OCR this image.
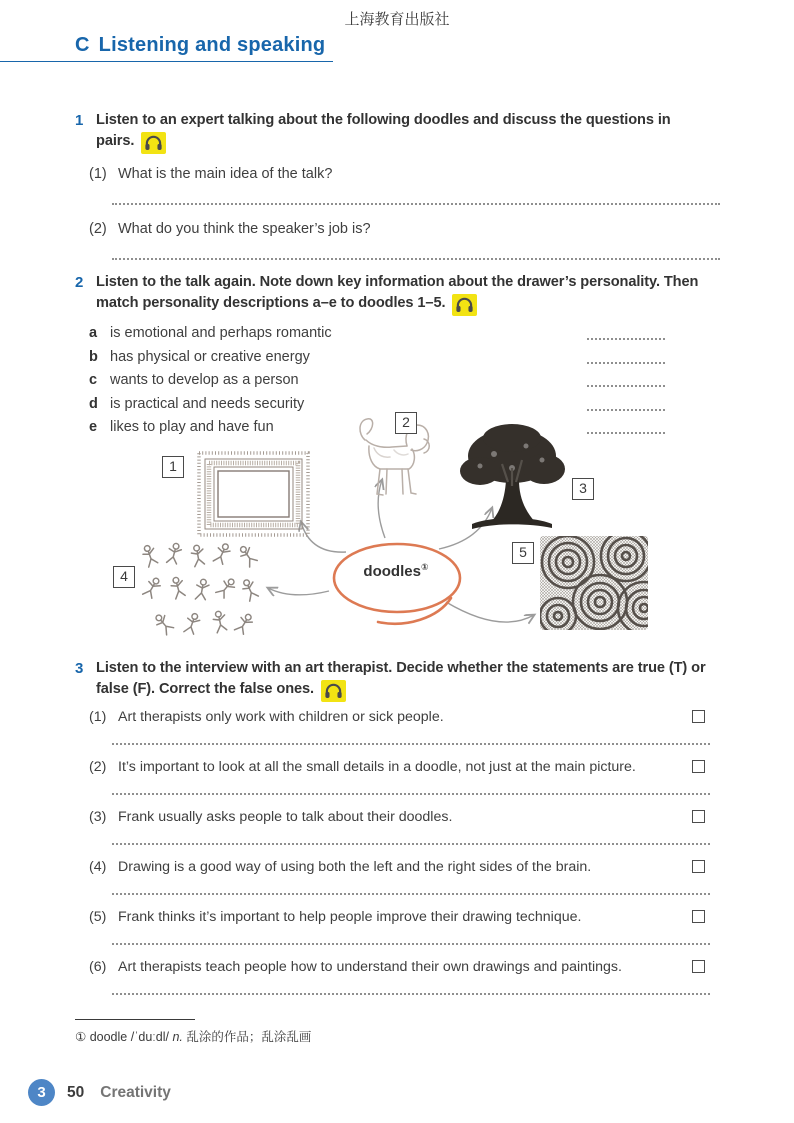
上海教育出版社
C Listening and speaking
1 Listen to an expert talking about the following doodles and discuss the questions in pairs.
(1) What is the main idea of the talk?
(2) What do you think the speaker’s job is?
2 Listen to the talk again. Note down key information about the drawer’s personality. Then match personality descriptions a–e to doodles 1–5.
a is emotional and perhaps romantic
b has physical or creative energy
c wants to develop as a person
d is practical and needs security
e likes to play and have fun
1
2
3
4
5
doodles①
3 Listen to the interview with an art therapist. Decide whether the statements are true (T) or false (F). Correct the false ones.
(1) Art therapists only work with children or sick people.
(2) It’s important to look at all the small details in a doodle, not just at the main picture.
(3) Frank usually asks people to talk about their doodles.
(4) Drawing is a good way of using both the left and the right sides of the brain.
(5) Frank thinks it’s important to help people improve their drawing technique.
(6) Art therapists teach people how to understand their own drawings and paintings.
① doodle /ˈduːdl/ n. 乱涂的作品；乱涂乱画
3	50 Creativity
